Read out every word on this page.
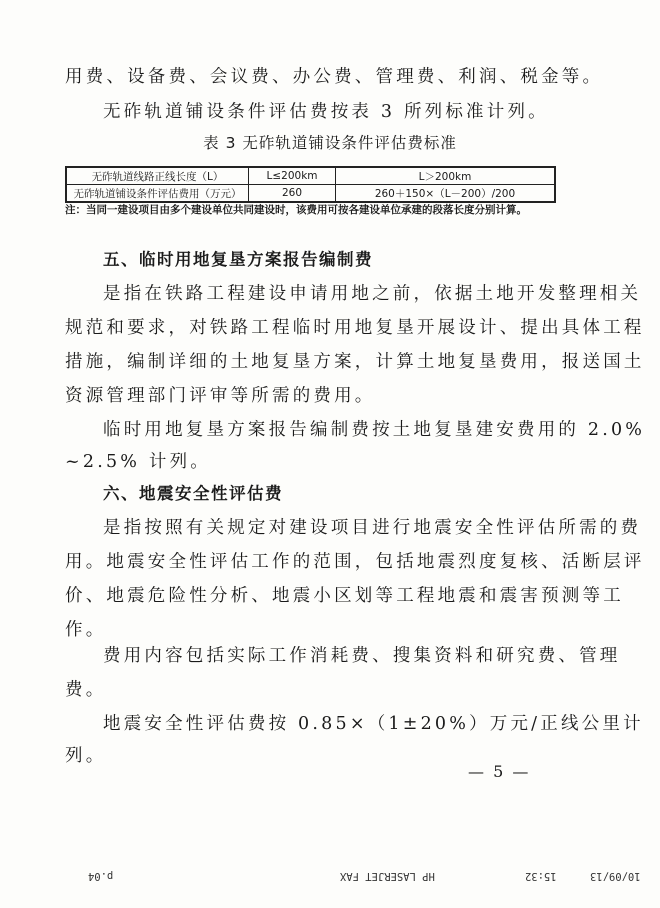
用费、设备费、会议费、办公费、管理费、利润、税金等。
无砟轨道铺设条件评估费按表 3 所列标准计列。
表 3 无砟轨道铺设条件评估费标准
无砟轨道线路正线长度（L）	L≤200km	L＞200km
无砟轨道铺设条件评估费用（万元）	260	260＋150×（L－200）/200
注：当同一建设项目由多个建设单位共同建设时，该费用可按各建设单位承建的段落长度分别计算。
五、临时用地复垦方案报告编制费
是指在铁路工程建设申请用地之前，依据土地开发整理相关
规范和要求，对铁路工程临时用地复垦开展设计、提出具体工程
措施，编制详细的土地复垦方案，计算土地复垦费用，报送国土
资源管理部门评审等所需的费用。
临时用地复垦方案报告编制费按土地复垦建安费用的 2.0%
~2.5% 计列。
六、地震安全性评估费
是指按照有关规定对建设项目进行地震安全性评估所需的费
用。地震安全性评估工作的范围，包括地震烈度复核、活断层评
价、地震危险性分析、地震小区划等工程地震和震害预测等工
作。
费用内容包括实际工作消耗费、搜集资料和研究费、管理
费。
地震安全性评估费按 0.85×（1±20%）万元/正线公里计
列。
— 5 —
10/09/13
15:32
HP LASERJET FAX
p.04
